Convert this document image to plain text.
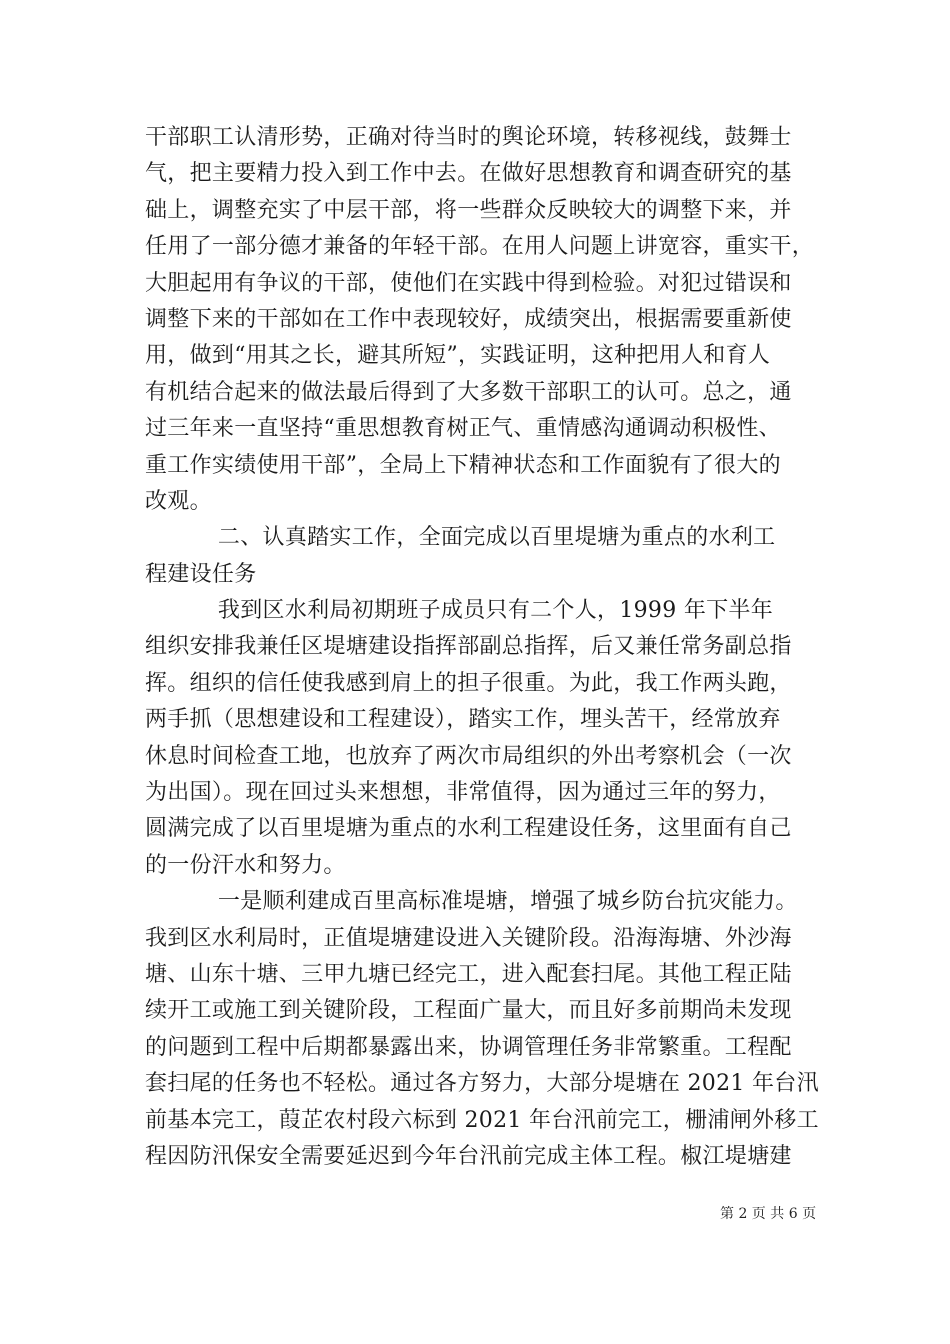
干部职工认清形势，正确对待当时的舆论环境，转移视线，鼓舞士
气，把主要精力投入到工作中去。在做好思想教育和调查研究的基
础上，调整充实了中层干部，将一些群众反映较大的调整下来，并
任用了一部分德才兼备的年轻干部。在用人问题上讲宽容，重实干，
大胆起用有争议的干部，使他们在实践中得到检验。对犯过错误和
调整下来的干部如在工作中表现较好，成绩突出，根据需要重新使
用，做到“用其之长，避其所短”，实践证明，这种把用人和育人
有机结合起来的做法最后得到了大多数干部职工的认可。总之，通
过三年来一直坚持“重思想教育树正气、重情感沟通调动积极性、
重工作实绩使用干部”，全局上下精神状态和工作面貌有了很大的
改观。
二、认真踏实工作，全面完成以百里堤塘为重点的水利工
程建设任务
我到区水利局初期班子成员只有二个人，1999 年下半年
组织安排我兼任区堤塘建设指挥部副总指挥，后又兼任常务副总指
挥。组织的信任使我感到肩上的担子很重。为此，我工作两头跑，
两手抓（思想建设和工程建设），踏实工作，埋头苦干，经常放弃
休息时间检查工地，也放弃了两次市局组织的外出考察机会（一次
为出国）。现在回过头来想想，非常值得，因为通过三年的努力，
圆满完成了以百里堤塘为重点的水利工程建设任务，这里面有自己
的一份汗水和努力。
一是顺利建成百里高标准堤塘，增强了城乡防台抗灾能力。
我到区水利局时，正值堤塘建设进入关键阶段。沿海海塘、外沙海
塘、山东十塘、三甲九塘已经完工，进入配套扫尾。其他工程正陆
续开工或施工到关键阶段，工程面广量大，而且好多前期尚未发现
的问题到工程中后期都暴露出来，协调管理任务非常繁重。工程配
套扫尾的任务也不轻松。通过各方努力，大部分堤塘在 2021 年台汛
前基本完工，葭芷农村段六标到 2021 年台汛前完工，栅浦闸外移工
程因防汛保安全需要延迟到今年台汛前完成主体工程。椒江堤塘建
第 2 页 共 6 页
